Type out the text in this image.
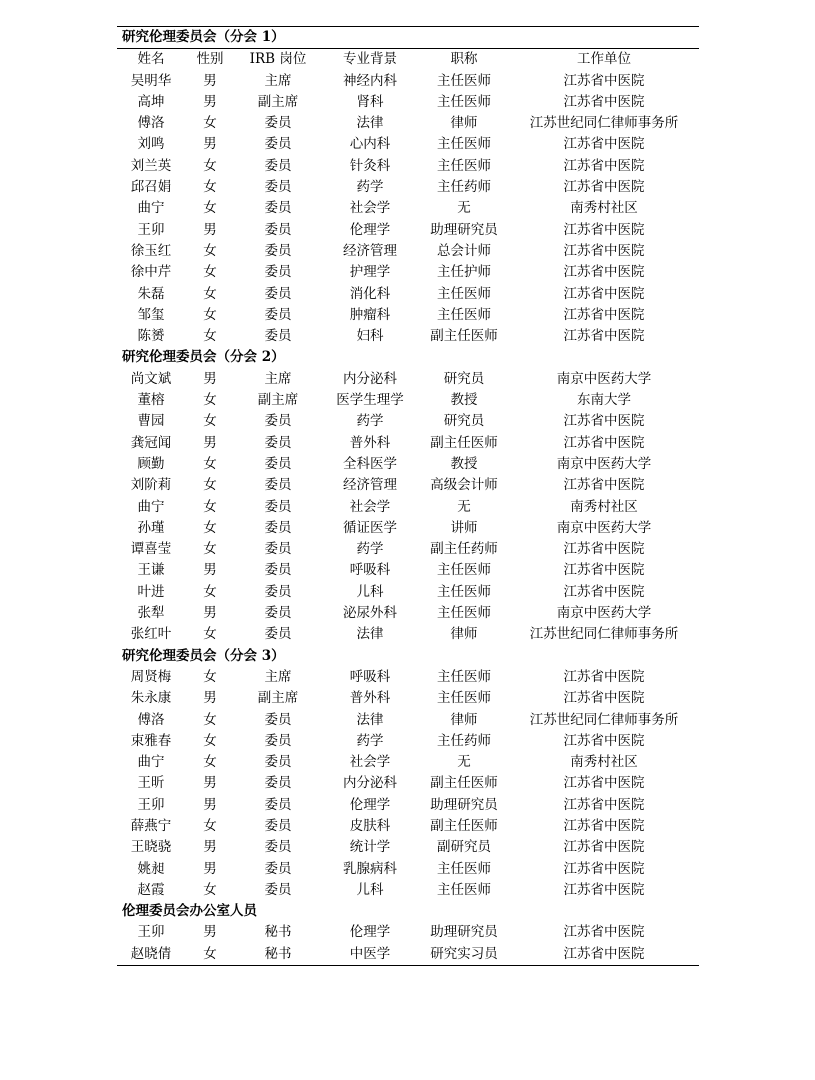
研究伦理委员会（分会 1）					
姓名	性别	IRB 岗位	专业背景	职称	工作单位
吴明华	男	主席	神经内科	主任医师	江苏省中医院
高坤	男	副主席	肾科	主任医师	江苏省中医院
傅洛	女	委员	法律	律师	江苏世纪同仁律师事务所
刘鸣	男	委员	心内科	主任医师	江苏省中医院
刘兰英	女	委员	针灸科	主任医师	江苏省中医院
邱召娟	女	委员	药学	主任药师	江苏省中医院
曲宁	女	委员	社会学	无	南秀村社区
王卯	男	委员	伦理学	助理研究员	江苏省中医院
徐玉红	女	委员	经济管理	总会计师	江苏省中医院
徐中芹	女	委员	护理学	主任护师	江苏省中医院
朱磊	女	委员	消化科	主任医师	江苏省中医院
邹玺	女	委员	肿瘤科	主任医师	江苏省中医院
陈赟	女	委员	妇科	副主任医师	江苏省中医院
研究伦理委员会（分会 2）					
尚文斌	男	主席	内分泌科	研究员	南京中医药大学
董榕	女	副主席	医学生理学	教授	东南大学
曹园	女	委员	药学	研究员	江苏省中医院
龚冠闻	男	委员	普外科	副主任医师	江苏省中医院
顾勤	女	委员	全科医学	教授	南京中医药大学
刘阶莉	女	委员	经济管理	高级会计师	江苏省中医院
曲宁	女	委员	社会学	无	南秀村社区
孙瑾	女	委员	循证医学	讲师	南京中医药大学
谭喜莹	女	委员	药学	副主任药师	江苏省中医院
王谦	男	委员	呼吸科	主任医师	江苏省中医院
叶进	女	委员	儿科	主任医师	江苏省中医院
张犁	男	委员	泌尿外科	主任医师	南京中医药大学
张红叶	女	委员	法律	律师	江苏世纪同仁律师事务所
研究伦理委员会（分会 3）					
周贤梅	女	主席	呼吸科	主任医师	江苏省中医院
朱永康	男	副主席	普外科	主任医师	江苏省中医院
傅洛	女	委员	法律	律师	江苏世纪同仁律师事务所
束雅春	女	委员	药学	主任药师	江苏省中医院
曲宁	女	委员	社会学	无	南秀村社区
王昕	男	委员	内分泌科	副主任医师	江苏省中医院
王卯	男	委员	伦理学	助理研究员	江苏省中医院
薛燕宁	女	委员	皮肤科	副主任医师	江苏省中医院
王晓骁	男	委员	统计学	副研究员	江苏省中医院
姚昶	男	委员	乳腺病科	主任医师	江苏省中医院
赵霞	女	委员	儿科	主任医师	江苏省中医院
伦理委员会办公室人员					
王卯	男	秘书	伦理学	助理研究员	江苏省中医院
赵晓倩	女	秘书	中医学	研究实习员	江苏省中医院
